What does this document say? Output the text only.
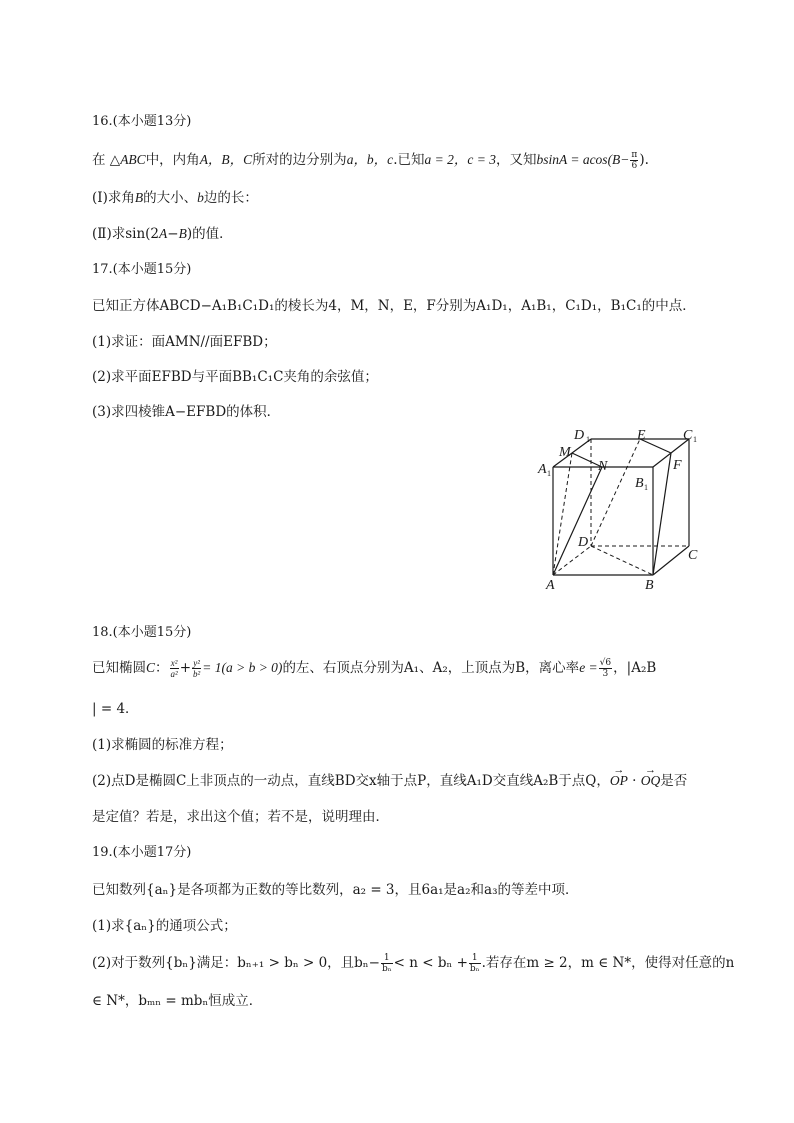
16.(本小题13分)
在 △ABC中，内角A，B，C所对的边分别为a，b，c.已知a = 2，c = 3，又知$bsinA = acos(B- \frac{\pi}{6}$ ).
(Ⅰ)求角B的大小、b边的长：
(Ⅱ)求sin(2A−B)的值．
17.(本小题15分)
已知正方体ABCD−A₁B₁C₁D₁的棱长为4，M，N，E，F分别为A₁D₁，A₁B₁，C₁D₁，B₁C₁的中点．
(1)求证：面AMN//面EFBD；
(2)求平面EFBD与平面BB₁C₁C夹角的余弦值；
(3)求四棱锥A−EFBD的体积．
D 1	E	C 1
M
N	F
A 1
B 1
D
C
A	B
18.(本小题15分)
已知椭圆C： $\frac{\text{x²}}{\text{a²}} + \frac{\text{y²}}{\text{b²}} = 1(a > b > 0)$的左、右顶点分别为A₁、A₂，上顶点为B，离心率$e = \frac{√6}{3}$ ，|A₂B
| = 4．
(1)求椭圆的标准方程；
(2)点D是椭圆C上非顶点的一动点，直线BD交x轴于点P，直线A₁D交直线A₂B于点Q，→ OP · → OQ是否
是定值？若是，求出这个值；若不是，说明理由．
19.(本小题17分)
已知数列{aₙ}是各项都为正数的等比数列，a₂ = 3，且6a₁是a₂和a₃的等差中项．
(1)求{aₙ}的通项公式；
(2)对于数列{bₙ}满足：bₙ₊₁ > bₙ > 0，且$b_n- \frac{1}{\text{bₙ}} < n < b_n + \frac{1}{\text{bₙ}}$ .若存在m ≥ 2，m ∈ N*，使得对任意的n
∈ N*，bₘₙ = mbₙ恒成立．
